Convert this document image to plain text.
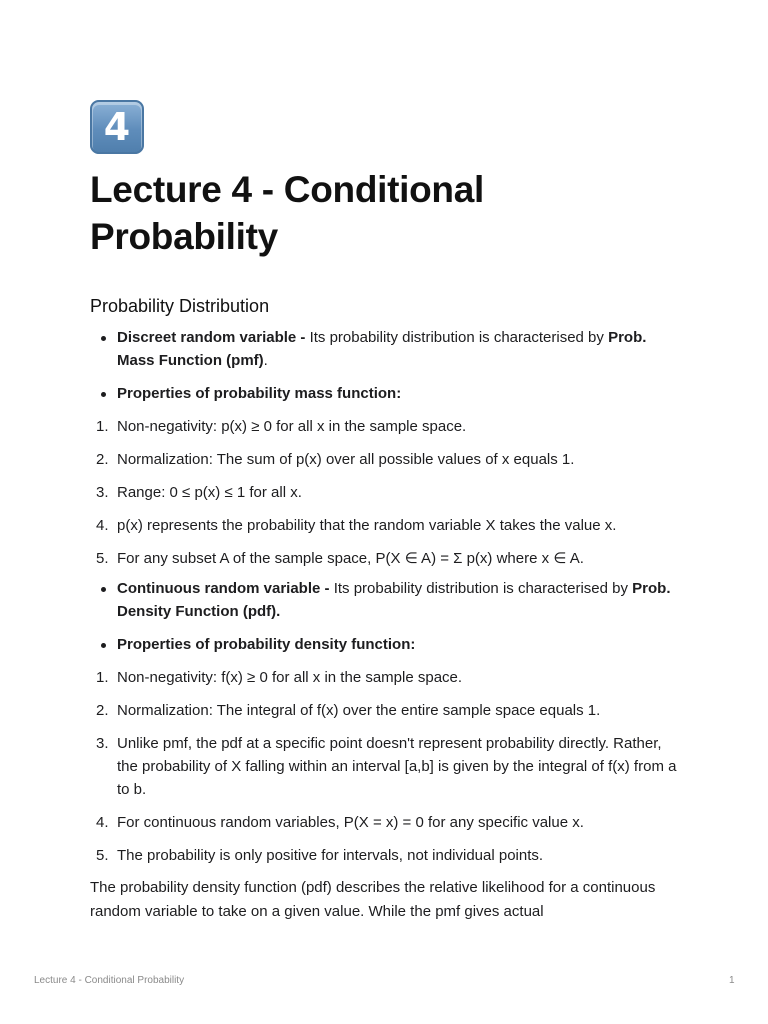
4
Lecture 4 - Conditional Probability
Probability Distribution
Discreet random variable - Its probability distribution is characterised by Prob. Mass Function (pmf).
Properties of probability mass function:
1. Non-negativity: p(x) ≥ 0 for all x in the sample space.
2. Normalization: The sum of p(x) over all possible values of x equals 1.
3. Range: 0 ≤ p(x) ≤ 1 for all x.
4. p(x) represents the probability that the random variable X takes the value x.
5. For any subset A of the sample space, P(X ∈ A) = Σ p(x) where x ∈ A.
Continuous random variable - Its probability distribution is characterised by Prob. Density Function (pdf).
Properties of probability density function:
1. Non-negativity: f(x) ≥ 0 for all x in the sample space.
2. Normalization: The integral of f(x) over the entire sample space equals 1.
3. Unlike pmf, the pdf at a specific point doesn't represent probability directly. Rather, the probability of X falling within an interval [a,b] is given by the integral of f(x) from a to b.
4. For continuous random variables, P(X = x) = 0 for any specific value x.
5. The probability is only positive for intervals, not individual points.

The probability density function (pdf) describes the relative likelihood for a continuous random variable to take on a given value. While the pmf gives actual

Lecture 4 - Conditional Probability	1
